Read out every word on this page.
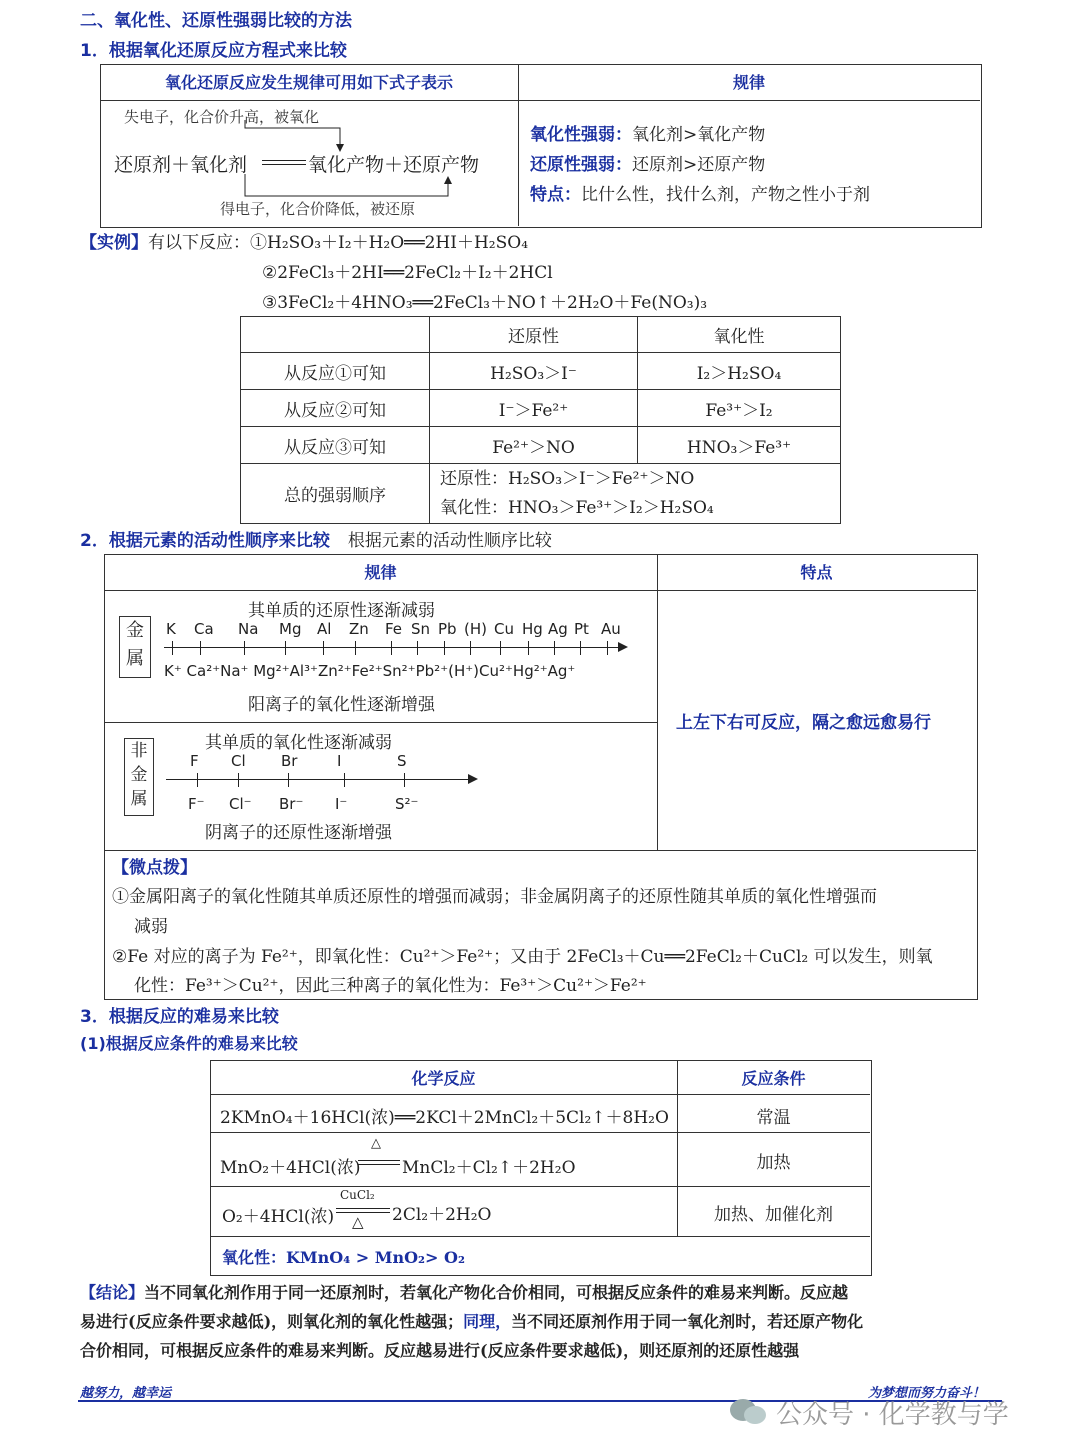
二、氧化性、还原性强弱比较的方法
1．根据氧化还原反应方程式来比较
氧化还原反应发生规律可用如下式子表示	规律
失电子，化合价升高，被氧化
还原剂＋氧化剂	氧化产物＋还原产物
得电子，化合价降低，被还原
氧化性强弱：氧化剂>氧化产物
还原性强弱：还原剂>还原产物
特点：比什么性，找什么剂，产物之性小于剂
【实例】有以下反应：①H₂SO₃＋I₂＋H₂O══2HI＋H₂SO₄
②2FeCl₃＋2HI══2FeCl₂＋I₂＋2HCl
③3FeCl₂＋4HNO₃══2FeCl₃＋NO↑＋2H₂O＋Fe(NO₃)₃
	还原性	氧化性
从反应①可知	H₂SO₃＞I⁻	I₂＞H₂SO₄
从反应②可知	I⁻＞Fe²⁺	Fe³⁺＞I₂
从反应③可知	Fe²⁺＞NO	HNO₃＞Fe³⁺
总的强弱顺序	还原性：H₂SO₃＞I⁻＞Fe²⁺＞NO
氧化性：HNO₃＞Fe³⁺＞I₂＞H₂SO₄	
2．根据元素的活动性顺序来比较 根据元素的活动性顺序比较
规律	特点
金属
其单质的还原性逐渐减弱
K Ca Na Mg Al Zn Fe Sn Pb (H) Cu Hg Ag Pt Au
K⁺ Ca²⁺Na⁺ Mg²⁺Al³⁺Zn²⁺Fe²⁺Sn²⁺Pb²⁺(H⁺)Cu²⁺Hg²⁺Ag⁺
阳离子的氧化性逐渐增强
非金属
其单质的氧化性逐渐减弱
F Cl Br	I	S
F⁻ Cl⁻ Br⁻ I⁻	S²⁻
阴离子的还原性逐渐增强
上左下右可反应，隔之愈远愈易行
【微点拨】
①金属阳离子的氧化性随其单质还原性的增强而减弱；非金属阴离子的还原性随其单质的氧化性增强而
减弱
②Fe 对应的离子为 Fe²⁺，即氧化性：Cu²⁺＞Fe²⁺；又由于 2FeCl₃＋Cu══2FeCl₂＋CuCl₂ 可以发生，则氧
化性：Fe³⁺＞Cu²⁺，因此三种离子的氧化性为：Fe³⁺＞Cu²⁺＞Fe²⁺
3．根据反应的难易来比较
(1)根据反应条件的难易来比较
化学反应	反应条件
2KMnO₄＋16HCl(浓)══2KCl＋2MnCl₂＋5Cl₂↑＋8H₂O	常温
MnO₂＋4HCl(浓)
△
MnCl₂＋Cl₂↑＋2H₂O	加热
O₂＋4HCl(浓)
CuCl₂
△ 2Cl₂＋2H₂O	加热、加催化剂
氧化性：KMnO₄ > MnO₂> O₂
【结论】当不同氧化剂作用于同一还原剂时，若氧化产物化合价相同，可根据反应条件的难易来判断。反应越
易进行(反应条件要求越低)，则氧化剂的氧化性越强；同理，当不同还原剂作用于同一氧化剂时，若还原产物化
合价相同，可根据反应条件的难易来判断。反应越易进行(反应条件要求越低)，则还原剂的还原性越强
越努力，越幸运	为梦想而努力奋斗！
公众号 · 化学教与学
